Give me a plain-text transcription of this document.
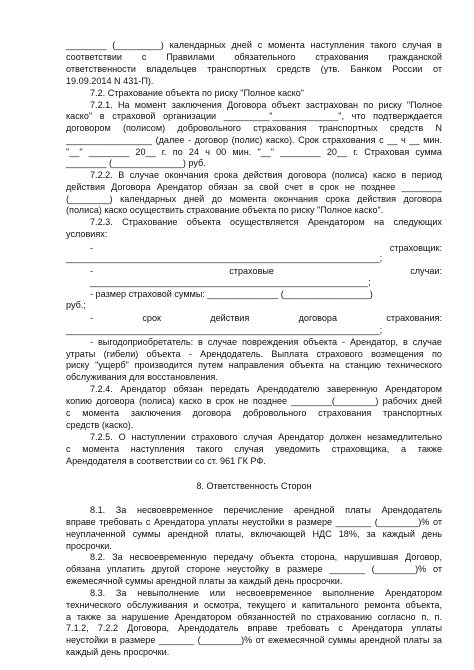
________ (_________) календарных дней с момента наступления такого случая в
соответствии с Правилами обязательного страхования гражданской
ответственности владельцев транспортных средств (утв. Банком России от
19.09.2014 N 431-П).
7.2. Страхование объекта по риску "Полное каско"
7.2.1. На момент заключения Договора объект застрахован по риску "Полное
каско" в страховой организации _________"_____________", что подтверждается
договором (полисом) добровольного страхования транспортных средств N
_________________ (далее - договор (полис) каско). Срок страхования с __ ч __ мин.
"__" ________ 20__ г. по 24 ч 00 мин. "__" ________ 20__ г. Страховая сумма
________ (______________) руб.
7.2.2. В случае окончания срока действия договора (полиса) каско в период
действия Договора Арендатор обязан за свой счет в срок не позднее ________
(________) календарных дней до момента окончания срока действия договора
(полиса) каско осуществить страхование объекта по риску "Полное каско".
7.2.3. Страхование объекта осуществляется Арендатором на следующих
условиях:
- страховщик:
______________________________________________________________;
- страховые случаи:
_______________________________________________________;
- размер страховой суммы: ______________ (_________________)
руб.;
- срок действия договора страхования:
______________________________________________________________;
- выгодоприобретатель: в случае повреждения объекта - Арендатор, в случае
утраты (гибели) объекта - Арендодатель. Выплата страхового возмещения по
риску "ущерб" производится путем направления объекта на станцию технического
обслуживания для восстановления.
7.2.4. Арендатор обязан передать Арендодателю заверенную Арендатором
копию договора (полиса) каско в срок не позднее ________(________) рабочих дней
с момента заключения договора добровольного страхования транспортных
средств (каско).
7.2.5. О наступлении страхового случая Арендатор должен незамедлительно
с момента наступления такого случая уведомить страховщика, а также
Арендодателя в соответствии со ст. 961 ГК РФ.
8. Ответственность Сторон
8.1. За несвоевременное перечисление арендной платы Арендодатель
вправе требовать с Арендатора уплаты неустойки в размере _______ (________)% от
неуплаченной суммы арендной платы, включающей НДС 18%, за каждый день
просрочки.
8.2. За несвоевременную передачу объекта сторона, нарушившая Договор,
обязана уплатить другой стороне неустойку в размере _______ (________)% от
ежемесячной суммы арендной платы за каждый день просрочки.
8.3. За невыполнение или несвоевременное выполнение Арендатором
технического обслуживания и осмотра, текущего и капитального ремонта объекта,
а также за нарушение Арендатором обязанностей по страхованию согласно п. п.
7.1.2, 7.2.2 Договора, Арендодатель вправе требовать с Арендатора уплаты
неустойки в размере _______ (________)% от ежемесячной суммы арендной платы за
каждый день просрочки.
